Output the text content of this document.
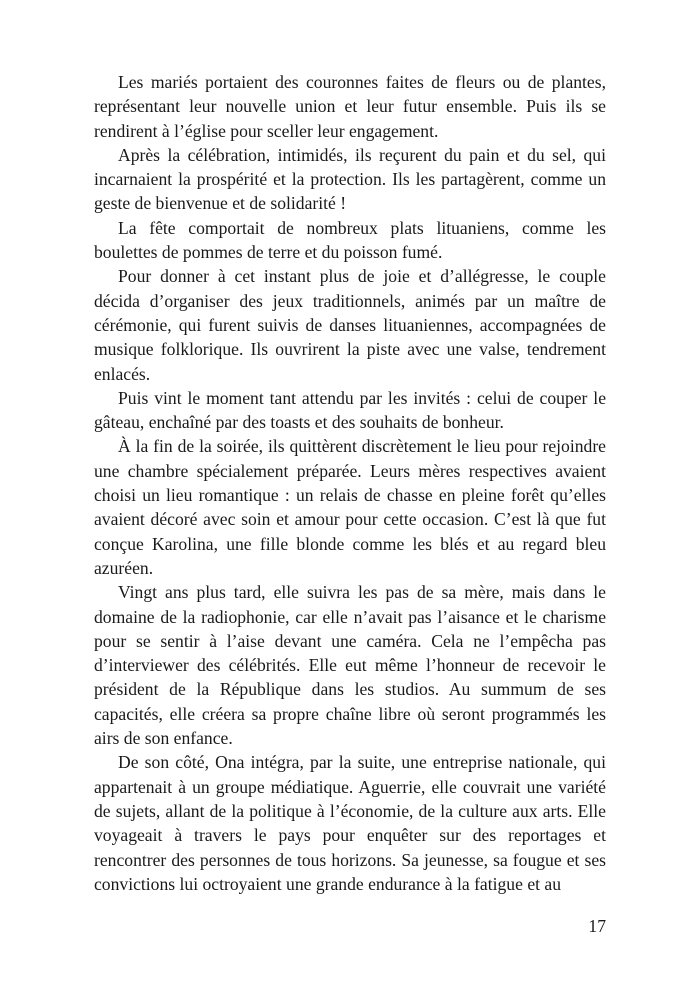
Les mariés portaient des couronnes faites de fleurs ou de plantes, représentant leur nouvelle union et leur futur ensemble. Puis ils se rendirent à l’église pour sceller leur engagement.

Après la célébration, intimidés, ils reçurent du pain et du sel, qui incarnaient la prospérité et la protection. Ils les partagèrent, comme un geste de bienvenue et de solidarité !

La fête comportait de nombreux plats lituaniens, comme les boulettes de pommes de terre et du poisson fumé.

Pour donner à cet instant plus de joie et d’allégresse, le couple décida d’organiser des jeux traditionnels, animés par un maître de cérémonie, qui furent suivis de danses lituaniennes, accompagnées de musique folklorique. Ils ouvrirent la piste avec une valse, tendrement enlacés.

Puis vint le moment tant attendu par les invités : celui de couper le gâteau, enchaîné par des toasts et des souhaits de bonheur.

À la fin de la soirée, ils quittèrent discrètement le lieu pour rejoindre une chambre spécialement préparée. Leurs mères respectives avaient choisi un lieu romantique : un relais de chasse en pleine forêt qu’elles avaient décoré avec soin et amour pour cette occasion. C’est là que fut conçue Karolina, une fille blonde comme les blés et au regard bleu azuréen.

Vingt ans plus tard, elle suivra les pas de sa mère, mais dans le domaine de la radiophonie, car elle n’avait pas l’aisance et le charisme pour se sentir à l’aise devant une caméra. Cela ne l’empêcha pas d’interviewer des célébrités. Elle eut même l’honneur de recevoir le président de la République dans les studios. Au summum de ses capacités, elle créera sa propre chaîne libre où seront programmés les airs de son enfance.

De son côté, Ona intégra, par la suite, une entreprise nationale, qui appartenait à un groupe médiatique. Aguerrie, elle couvrait une variété de sujets, allant de la politique à l’économie, de la culture aux arts. Elle voyageait à travers le pays pour enquêter sur des reportages et rencontrer des personnes de tous horizons. Sa jeunesse, sa fougue et ses convictions lui octroyaient une grande endurance à la fatigue et au

17
